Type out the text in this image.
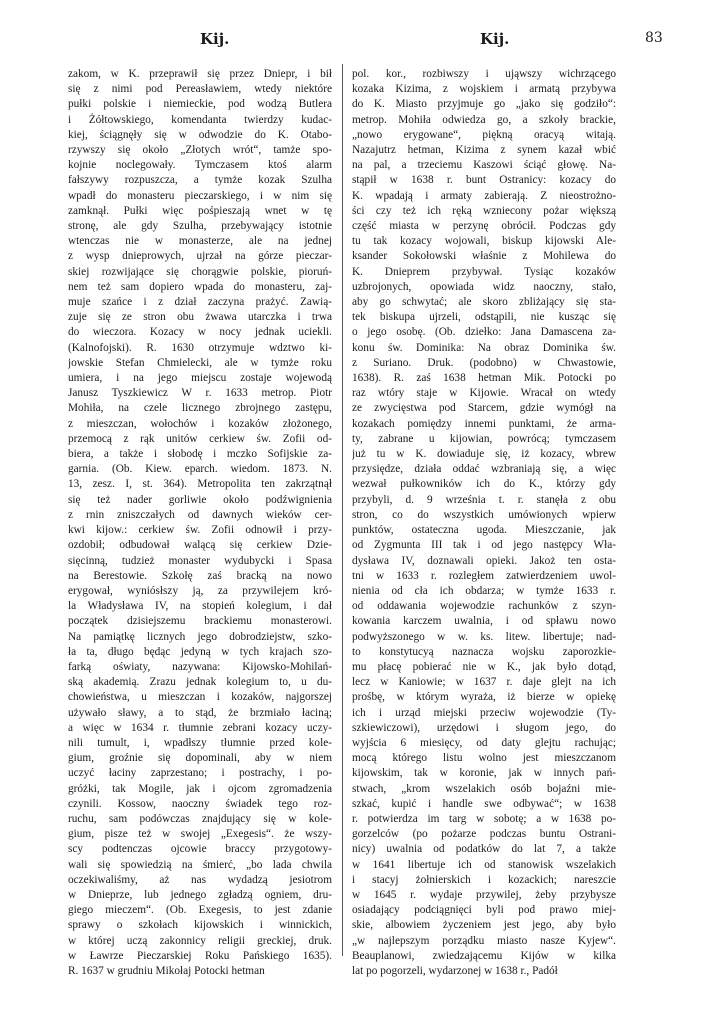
Kij.	Kij.	83
zakom, w K. przeprawił się przez Dniepr, i bił
się z nimi pod Pereasławiem, wtedy niektóre
pułki polskie i niemieckie, pod wodzą Butlera
i Żółtowskiego, komendanta twierdzy kudac-
kiej, ściągnęły się w odwodzie do K. Otabo-
rzywszy się około „Złotych wrót“, tamże spo-
kojnie noclegowały. Tymczasem ktoś alarm
fałszywy rozpuszcza, a tymże kozak Szulha
wpadł do monasteru pieczarskiego, i w nim się
zamknął. Pułki więc pośpieszają wnet w tę
stronę, ale gdy Szulha, przebywający istotnie
wtenczas nie w monasterze, ale na jednej
z wysp dnieprowych, ujrzał na górze pieczar-
skiej rozwijające się chorągwie polskie, pioruń-
nem też sam dopiero wpada do monasteru, zaj-
muje szańce i z dział zaczyna prażyć. Zawią-
zuje się ze stron obu żwawa utarczka i trwa
do wieczora. Kozacy w nocy jednak uciekli.
(Kalnofojski). R. 1630 otrzymuje wdztwo ki-
jowskie Stefan Chmielecki, ale w tymże roku
umiera, i na jego miejscu zostaje wojewodą
Janusz Tyszkiewicz W r. 1633 metrop. Piotr
Mohiła, na czele licznego zbrojnego zastępu,
z mieszczan, wołochów i kozaków złożonego,
przemocą z rąk unitów cerkiew św. Zofii od-
biera, a także i słobodę i mczko Sofijskie za-
garnia. (Ob. Kiew. eparch. wiedom. 1873. N.
13, zesz. I, st. 364). Metropolita ten zakrzątnął
się też nader gorliwie około podźwignienia
z rnin zniszczałych od dawnych wieków cer-
kwi kijow.: cerkiew św. Zofii odnowił i przy-
ozdobił; odbudował walącą się cerkiew Dzie-
sięcinną, tudzież monaster wydubycki i Spasa
na Berestowie. Szkołę zaś bracką na nowo
erygował, wyniósłszy ją, za przywilejem kró-
la Władysława IV, na stopień kolegium, i dał
początek dzisiejszemu brackiemu monasterowi.
Na pamiątkę licznych jego dobrodziejstw, szko-
ła ta, długo będąc jedyną w tych krajach szo-
farką oświaty, nazywana: Kijowsko-Mohilań-
ską akademią. Zrazu jednak kolegium to, u du-
chowieństwa, u mieszczan i kozaków, najgorszej
używało sławy, a to stąd, że brzmiało łaciną;
a więc w 1634 r. tłumnie zebrani kozacy uczy-
nili tumult, i, wpadłszy tłumnie przed kole-
gium, groźnie się dopominali, aby w niem
uczyć łaciny zaprzestano; i postrachy, i po-
gróżki, tak Mogile, jak i ojcom zgromadzenia
czynili. Kossow, naoczny świadek tego roz-
ruchu, sam podówczas znajdujący się w kole-
gium, pisze też w swojej „Exegesis“. że wszy-
scy podtenczas ojcowie braccy przygotowy-
wali się spowiedzią na śmierć, „bo lada chwila
oczekiwaliśmy, aż nas wydadzą jesiotrom
w Dnieprze, lub jednego zgładzą ogniem, dru-
giego mieczem“. (Ob. Exegesis, to jest zdanie
sprawy o szkołach kijowskich i winnickich,
w której uczą zakonnicy religii greckiej, druk.
w Ławrze Pieczarskiej Roku Pańskiego 1635).
R. 1637 w grudniu Mikołaj Potocki hetman
pol. kor., rozbiwszy i ująwszy wichrzącego
kozaka Kizima, z wojskiem i armatą przybywa
do K. Miasto przyjmuje go „jako się godziło“:
metrop. Mohiła odwiedza go, a szkoły brackie,
„nowo erygowane“, piękną oracyą witają.
Nazajutrz hetman, Kizima z synem kazał wbić
na pal, a trzeciemu Kaszowi ściąć głowę. Na-
stąpił w 1638 r. bunt Ostranicy: kozacy do
K. wpadają i armaty zabierają. Z nieostrożno-
ści czy też ich ręką wzniecony pożar większą
część miasta w perzynę obrócił. Podczas gdy
tu tak kozacy wojowali, biskup kijowski Ale-
ksander Sokołowski właśnie z Mohilewa do
K. Dnieprem przybywał. Tysiąc kozaków
uzbrojonych, opowiada widz naoczny, stało,
aby go schwytać; ale skoro zbliżający się sta-
tek biskupa ujrzeli, odstąpili, nie kusząc się
o jego osobę. (Ob. dziełko: Jana Damascena za-
konu św. Dominika: Na obraz Dominika św.
z Suriano. Druk. (podobno) w Chwastowie,
1638). R. zaś 1638 hetman Mik. Potocki po
raz wtóry staje w Kijowie. Wracał on wtedy
ze zwycięstwa pod Starcem, gdzie wymógł na
kozakach pomiędzy innemi punktami, że arma-
ty, zabrane u kijowian, powrócą; tymczasem
już tu w K. dowiaduje się, iż kozacy, wbrew
przysiędze, działa oddać wzbraniają się, a więc
wezwał pułkowników ich do K., którzy gdy
przybyli, d. 9 września t. r. stanęła z obu
stron, co do wszystkich umówionych wpierw
punktów, ostateczna ugoda. Mieszczanie, jak
od Zygmunta III tak i od jego następcy Wła-
dysława IV, doznawali opieki. Jakoż ten osta-
tni w 1633 r. rozległem zatwierdzeniem uwol-
nienia od cła ich obdarza; w tymże 1633 r.
od oddawania wojewodzie rachunków z szyn-
kowania karczem uwalnia, i od spławu nowo
podwyższonego w w. ks. litew. libertuje; nad-
to konstytucyą naznacza wojsku zaporozkie-
mu płacę pobierać nie w K., jak było dotąd,
lecz w Kaniowie; w 1637 r. daje glejt na ich
prośbę, w którym wyraża, iż bierze w opiekę
ich i urząd miejski przeciw wojewodzie (Ty-
szkiewiczowi), urzędowi i sługom jego, do
wyjścia 6 miesięcy, od daty glejtu rachując;
mocą którego listu wolno jest mieszczanom
kijowskim, tak w koronie, jak w innych pań-
stwach, „krom wszelakich osób bojaźni mie-
szkać, kupić i handle swe odbywać“; w 1638
r. potwierdza im targ w sobotę; a w 1638 po-
gorzelców (po pożarze podczas buntu Ostrani-
nicy) uwalnia od podatków do lat 7, a także
w 1641 libertuje ich od stanowisk wszelakich
i stacyj żołnierskich i kozackich; nareszcie
w 1645 r. wydaje przywilej, żeby przybysze
osiadający podciągnięci byli pod prawo miej-
skie, albowiem życzeniem jest jego, aby było
„w najlepszym porządku miasto nasze Kyjew“.
Beauplanowi, zwiedzającemu Kijów w kilka
lat po pogorzeli, wydarzonej w 1638 r., Padół
